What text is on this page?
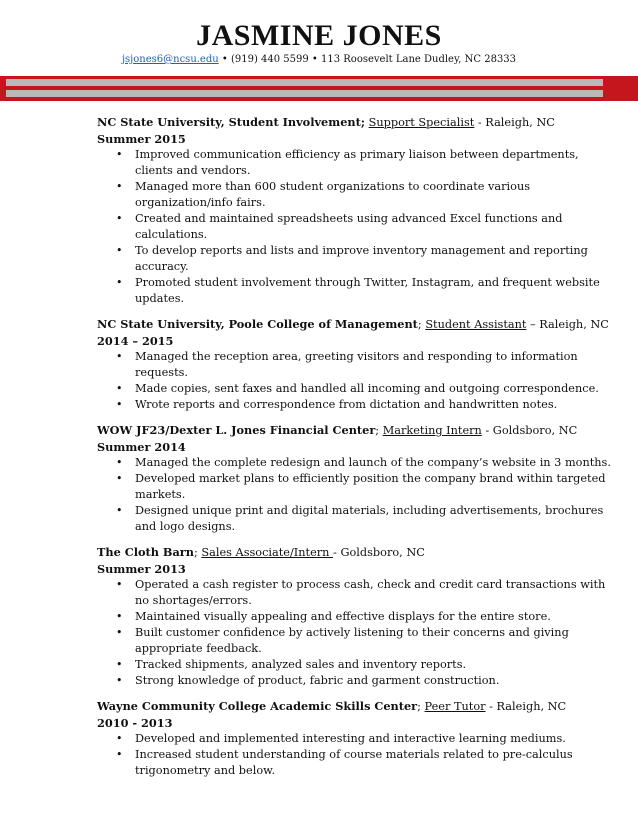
JASMINE JONES
jsjones6@ncsu.edu • (919) 440 5599 • 113 Roosevelt Lane Dudley, NC 28333
NC State University, Student Involvement; Support Specialist - Raleigh, NC
Summer 2015
• Improved communication efficiency as primary liaison between departments, clients and vendors.
• Managed more than 600 student organizations to coordinate various organization/info fairs.
• Created and maintained spreadsheets using advanced Excel functions and calculations.
• To develop reports and lists and improve inventory management and reporting accuracy.
• Promoted student involvement through Twitter, Instagram, and frequent website updates.
NC State University, Poole College of Management; Student Assistant – Raleigh, NC
2014 – 2015
• Managed the reception area, greeting visitors and responding to information requests.
• Made copies, sent faxes and handled all incoming and outgoing correspondence.
• Wrote reports and correspondence from dictation and handwritten notes.
WOW JF23/Dexter L. Jones Financial Center; Marketing Intern - Goldsboro, NC
Summer 2014
• Managed the complete redesign and launch of the company’s website in 3 months.
• Developed market plans to efficiently position the company brand within targeted markets.
• Designed unique print and digital materials, including advertisements, brochures and logo designs.
The Cloth Barn; Sales Associate/Intern - Goldsboro, NC
Summer 2013
• Operated a cash register to process cash, check and credit card transactions with no shortages/errors.
• Maintained visually appealing and effective displays for the entire store.
• Built customer confidence by actively listening to their concerns and giving appropriate feedback.
• Tracked shipments, analyzed sales and inventory reports.
• Strong knowledge of product, fabric and garment construction.
Wayne Community College Academic Skills Center; Peer Tutor - Raleigh, NC
2010 - 2013
• Developed and implemented interesting and interactive learning mediums.
• Increased student understanding of course materials related to pre-calculus trigonometry and below.
